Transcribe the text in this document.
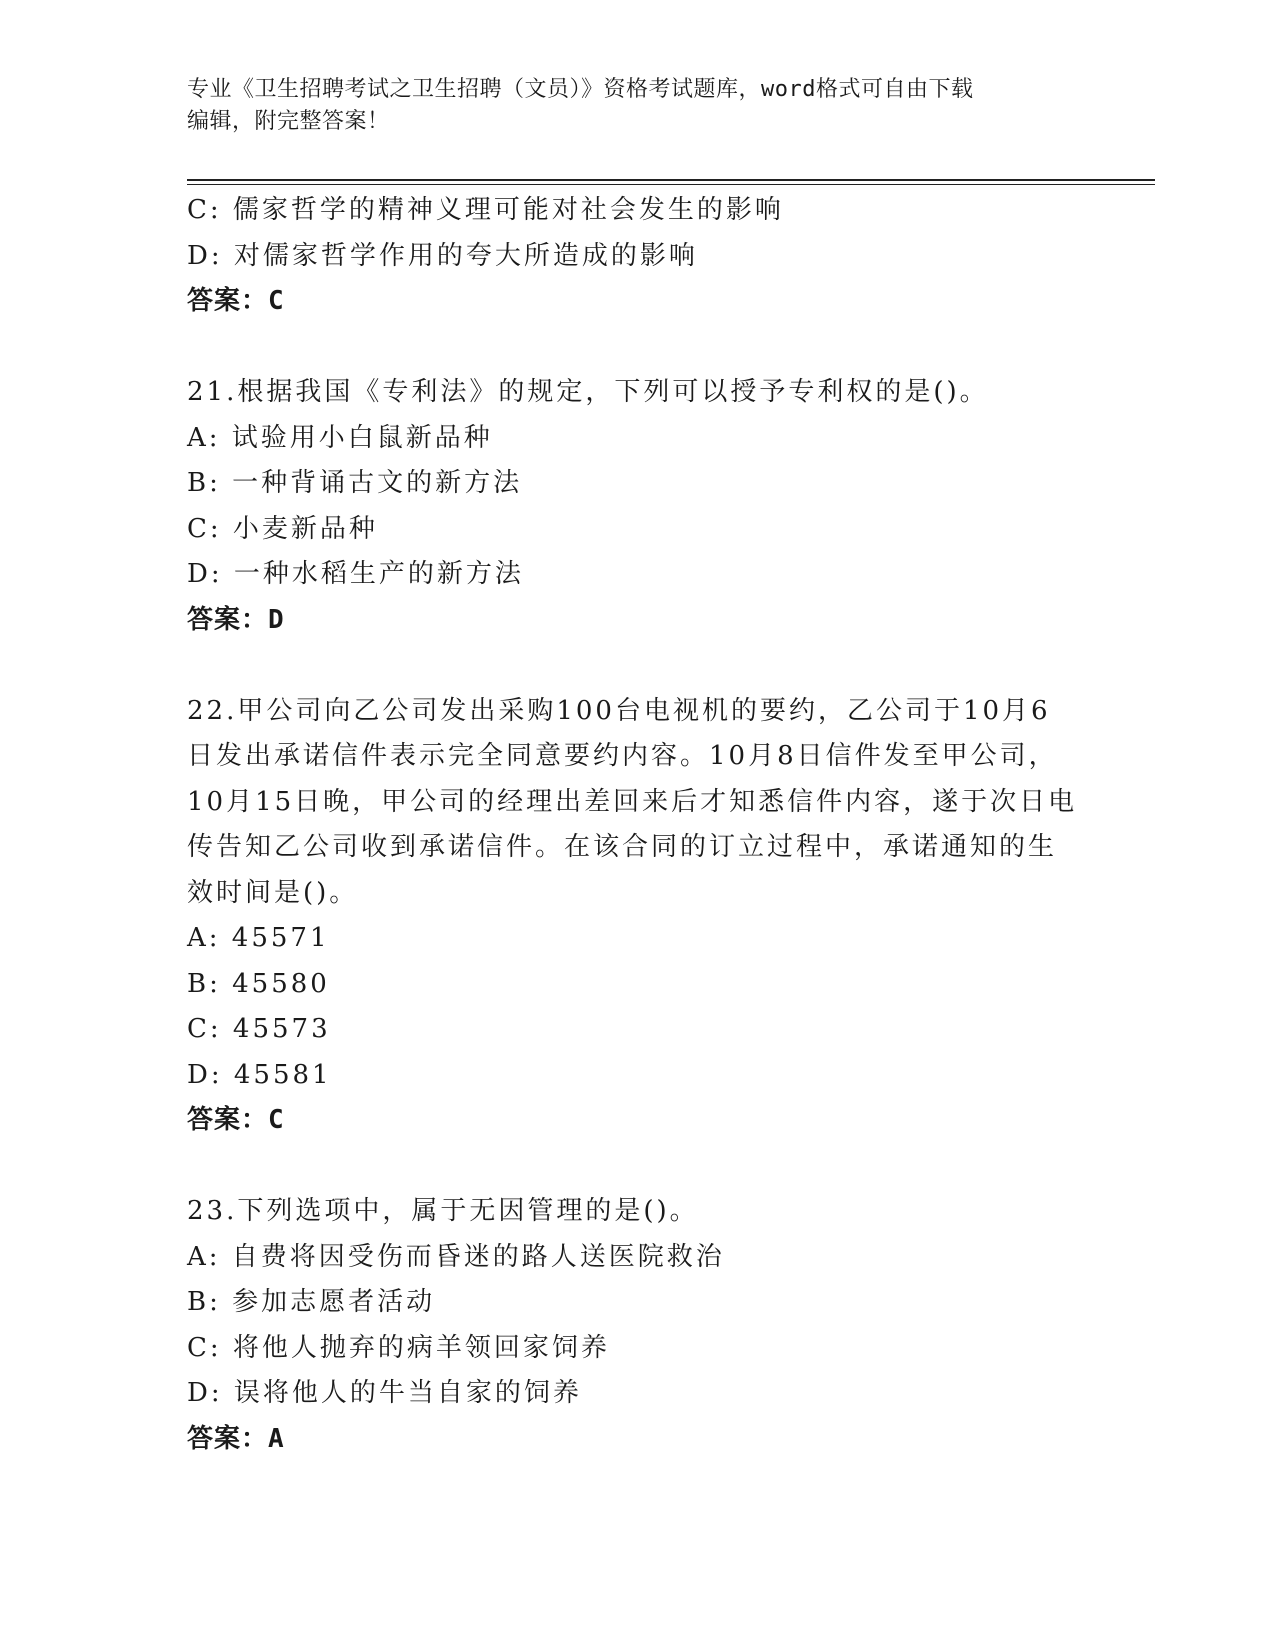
专业《卫生招聘考试之卫生招聘（文员）》资格考试题库，word格式可自由下载
编辑，附完整答案！
C: 儒家哲学的精神义理可能对社会发生的影响
D: 对儒家哲学作用的夸大所造成的影响
答案：C
21.根据我国《专利法》的规定，下列可以授予专利权的是()。
A: 试验用小白鼠新品种
B: 一种背诵古文的新方法
C: 小麦新品种
D: 一种水稻生产的新方法
答案：D
22.甲公司向乙公司发出采购100台电视机的要约，乙公司于10月6
日发出承诺信件表示完全同意要约内容。10月8日信件发至甲公司，
10月15日晚，甲公司的经理出差回来后才知悉信件内容，遂于次日电
传告知乙公司收到承诺信件。在该合同的订立过程中，承诺通知的生
效时间是()。
A: 45571
B: 45580
C: 45573
D: 45581
答案：C
23.下列选项中，属于无因管理的是()。
A: 自费将因受伤而昏迷的路人送医院救治
B: 参加志愿者活动
C: 将他人抛弃的病羊领回家饲养
D: 误将他人的牛当自家的饲养
答案：A
